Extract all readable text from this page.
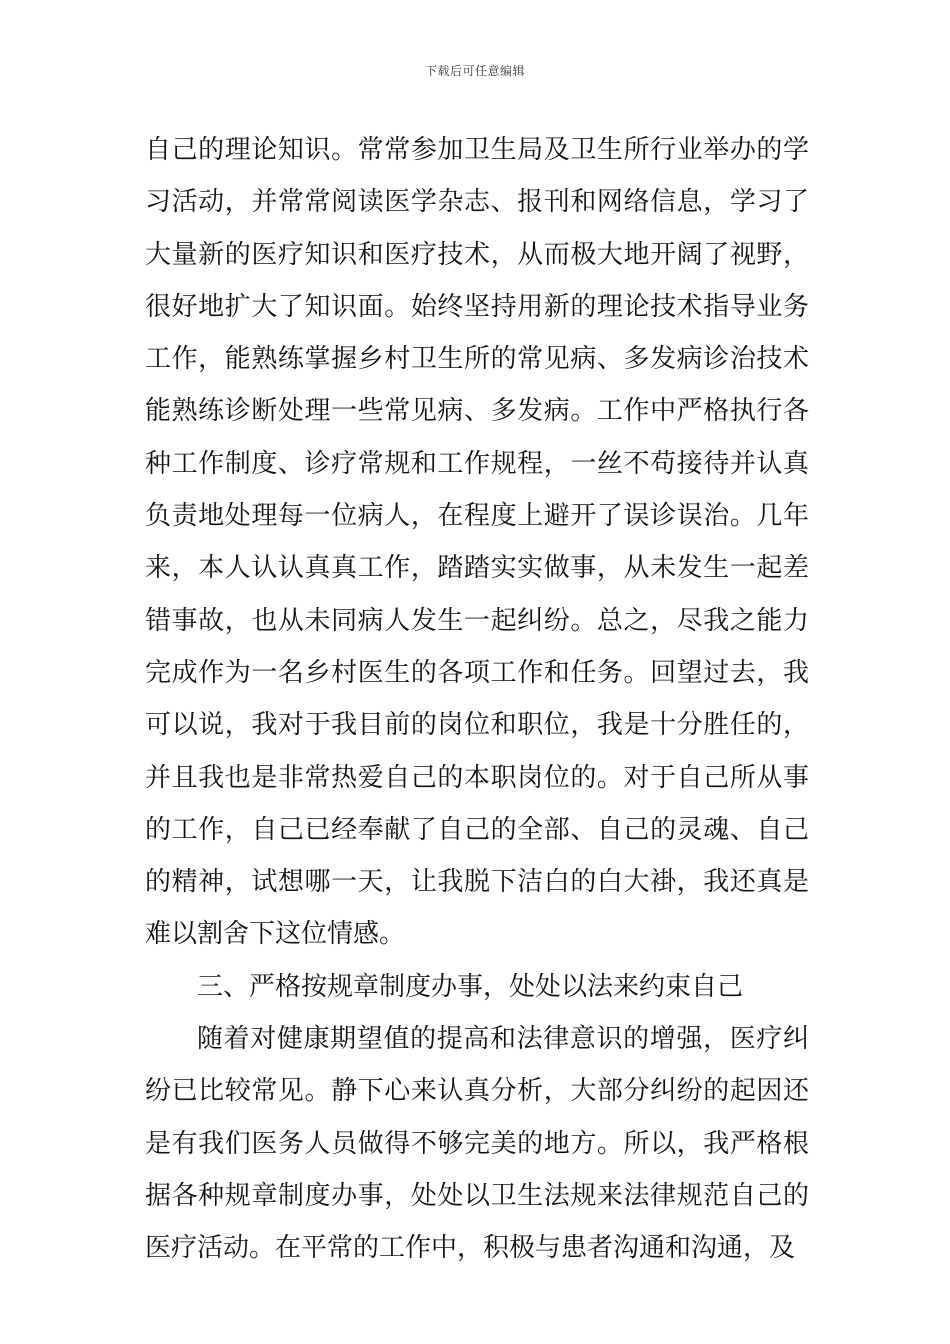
下载后可任意编辑

自己的理论知识。常常参加卫生局及卫生所行业举办的学习活动，并常常阅读医学杂志、报刊和网络信息，学习了大量新的医疗知识和医疗技术，从而极大地开阔了视野，很好地扩大了知识面。始终坚持用新的理论技术指导业务工作，能熟练掌握乡村卫生所的常见病、多发病诊治技术能熟练诊断处理一些常见病、多发病。工作中严格执行各种工作制度、诊疗常规和工作规程，一丝不苟接待并认真负责地处理每一位病人，在程度上避开了误诊误治。几年来，本人认认真真工作，踏踏实实做事，从未发生一起差错事故，也从未同病人发生一起纠纷。总之，尽我之能力完成作为一名乡村医生的各项工作和任务。回望过去，我可以说，我对于我目前的岗位和职位，我是十分胜任的，并且我也是非常热爱自己的本职岗位的。对于自己所从事的工作，自己已经奉献了自己的全部、自己的灵魂、自己的精神，试想哪一天，让我脱下洁白的白大褂，我还真是难以割舍下这位情感。

三、严格按规章制度办事，处处以法来约束自己

随着对健康期望值的提高和法律意识的增强，医疗纠纷已比较常见。静下心来认真分析，大部分纠纷的起因还是有我们医务人员做得不够完美的地方。所以，我严格根据各种规章制度办事，处处以卫生法规来法律规范自己的医疗活动。在平常的工作中，积极与患者沟通和沟通，及
